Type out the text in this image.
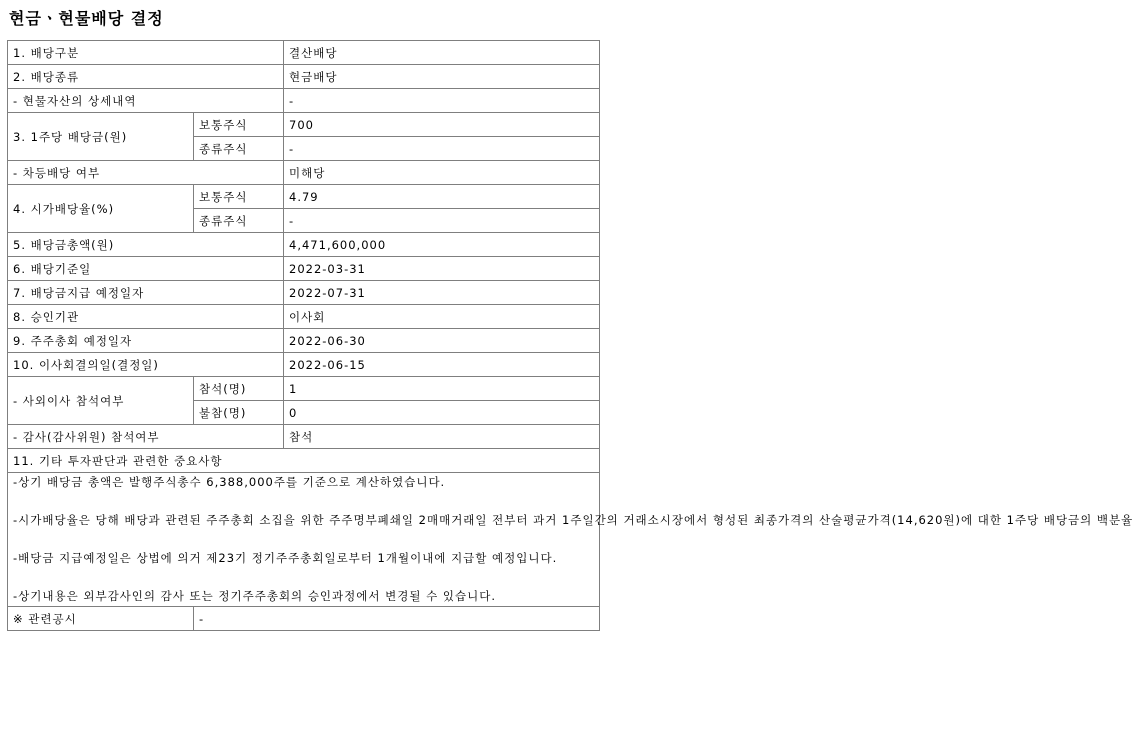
현금ㆍ현물배당 결정
1. 배당구분		결산배당
2. 배당종류		현금배당
- 현물자산의 상세내역		-
3. 1주당 배당금(원)	보통주식	700
	종류주식	-
- 차등배당 여부		미해당
4. 시가배당율(%)	보통주식	4.79
	종류주식	-
5. 배당금총액(원)		4,471,600,000
6. 배당기준일		2022-03-31
7. 배당금지급 예정일자		2022-07-31
8. 승인기관		이사회
9. 주주총회 예정일자		2022-06-30
10. 이사회결의일(결정일)		2022-06-15
- 사외이사 참석여부	참석(명)	1
	불참(명)	0
- 감사(감사위원) 참석여부		참석
11. 기타 투자판단과 관련한 중요사항		

-상기 배당금 총액은 발행주식총수 6,388,000주를 기준으로 계산하였습니다.

-시가배당율은 당해 배당과 관련된 주주총회 소집을 위한 주주명부폐쇄일 2매매거래일 전부터 과거 1주일간의 거래소시장에서 형성된 최종가격의 산술평균가격(14,620원)에 대한 1주당 배당금의 백분율

-배당금 지급예정일은 상법에 의거 제23기 정기주주총회일로부터 1개월이내에 지급할 예정입니다.

-상기내용은 외부감사인의 감사 또는 정기주주총회의 승인과정에서 변경될 수 있습니다.		

※ 관련공시	-	
